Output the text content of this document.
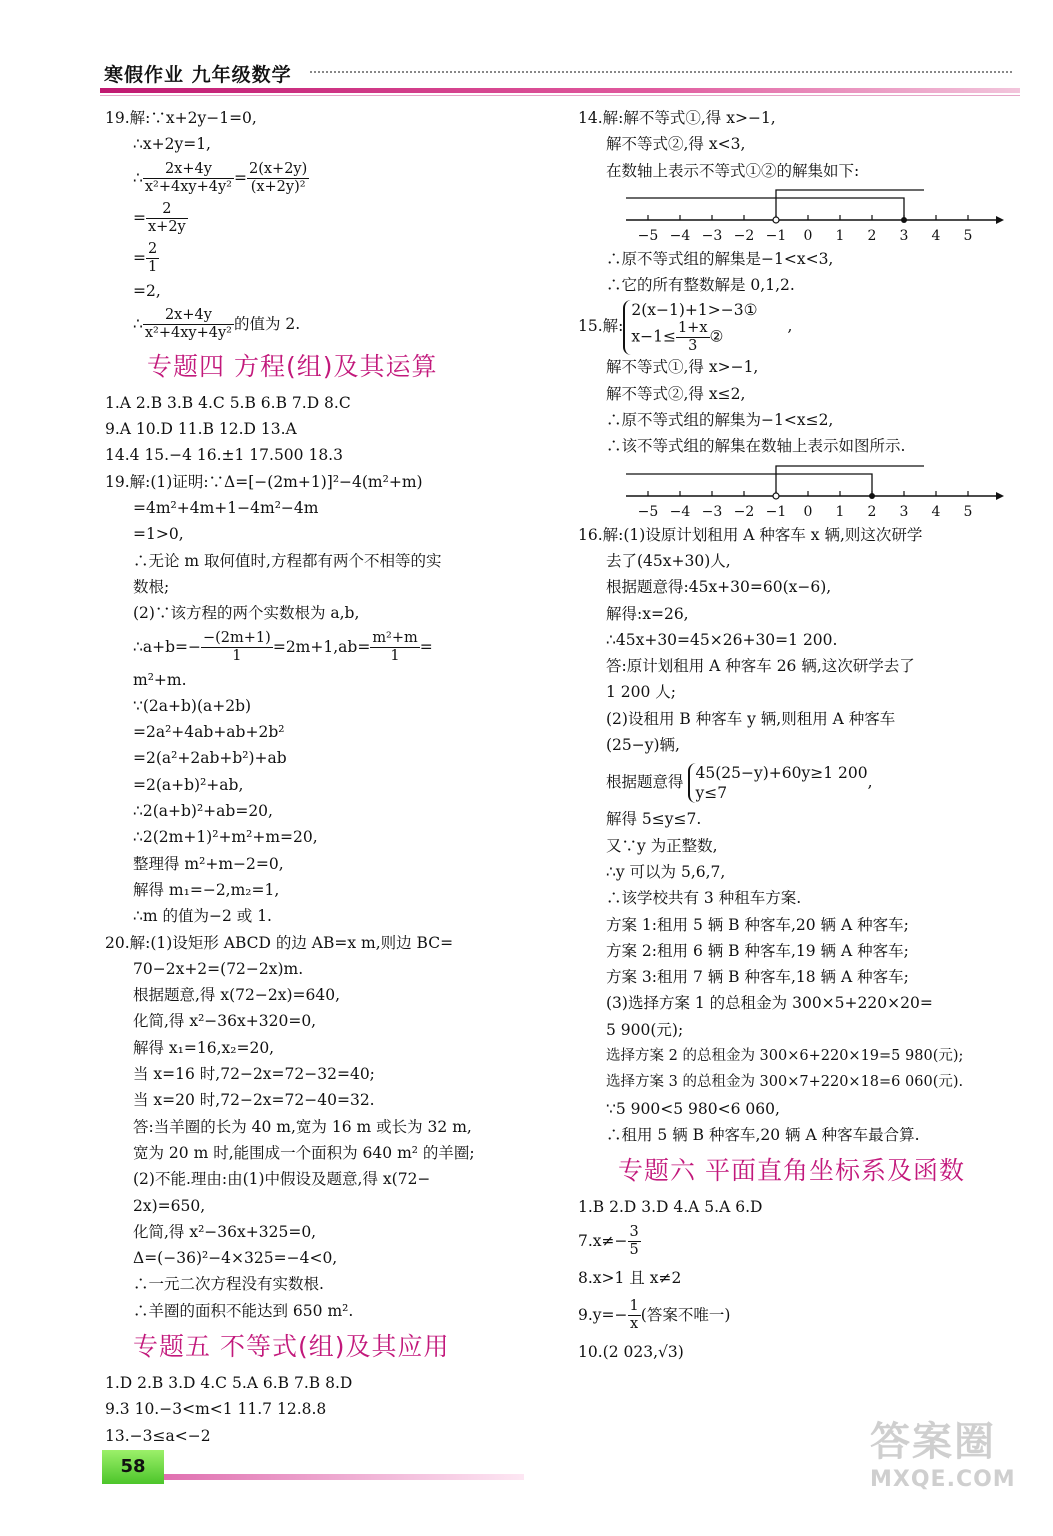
寒假作业 九年级数学
19.解:∵x+2y−1=0,
∴x+2y=1,
∴ $\frac{2x+4y}{\text{x²+4xy+4y²}} = \frac{2(x+2y)}{\text{(x+2y)²}}$
= $\frac{2}{x+2y}$
= $\frac{2}{1}$
=2,
∴ $\frac{2x+4y}{\text{x²+4xy+4y²}}$ 的值为 2.
专题四 方程(组)及其运算
1.A 2.B 3.B 4.C 5.B 6.B 7.D 8.C
9.A 10.D 11.B 12.D 13.A
14.4 15.−4 16.±1 17.500 18.3
19.解:(1)证明:∵Δ=[−(2m+1)]²−4(m²+m)
=4m²+4m+1−4m²−4m
=1>0,
∴无论 m 取何值时,方程都有两个不相等的实
数根;
(2)∵该方程的两个实数根为 a,b,
∴a+b=− $\frac{-(2m+1)}{1} =2m+1,ab= \frac{\text{m²+m}}{1}$ =
m²+m.
∵(2a+b)(a+2b)
=2a²+4ab+ab+2b²
=2(a²+2ab+b²)+ab
=2(a+b)²+ab,
∴2(a+b)²+ab=20,
∴2(2m+1)²+m²+m=20,
整理得 m²+m−2=0,
解得 m₁=−2,m₂=1,
∴m 的值为−2 或 1.
20.解:(1)设矩形 ABCD 的边 AB=x m,则边 BC=
70−2x+2=(72−2x)m.
根据题意,得 x(72−2x)=640,
化简,得 x²−36x+320=0,
解得 x₁=16,x₂=20,
当 x=16 时,72−2x=72−32=40;
当 x=20 时,72−2x=72−40=32.
答:当羊圈的长为 40 m,宽为 16 m 或长为 32 m,
宽为 20 m 时,能围成一个面积为 640 m² 的羊圈;
(2)不能.理由:由(1)中假设及题意,得 x(72−
2x)=650,
化简,得 x²−36x+325=0,
Δ=(−36)²−4×325=−4<0,
∴一元二次方程没有实数根.
∴羊圈的面积不能达到 650 m².
专题五 不等式(组)及其应用
1.D 2.B 3.D 4.C 5.A 6.B 7.B 8.D
9.3 10.−3<m<1 11.7 12.8.8
13.−3≤a<−2
14.解:解不等式①,得 x>−1,
解不等式②,得 x<3,
在数轴上表示不等式①②的解集如下:
−5 −4 −3 −2 −1 0 1 2 3 4 5
∴原不等式组的解集是−1<x<3,
∴它的所有整数解是 0,1,2.
15.解:
2(x−1)+1>−3①
$x-1\le \frac{1+x}{3}$ ②
,
解不等式①,得 x>−1,
解不等式②,得 x≤2,
∴原不等式组的解集为−1<x≤2,
∴该不等式组的解集在数轴上表示如图所示.
−5 −4 −3 −2 −1 0 1 2 3 4 5
16.解:(1)设原计划租用 A 种客车 x 辆,则这次研学
去了(45x+30)人,
根据题意得:45x+30=60(x−6),
解得:x=26,
∴45x+30=45×26+30=1 200.
答:原计划租用 A 种客车 26 辆,这次研学去了
1 200 人;
(2)设租用 B 种客车 y 辆,则租用 A 种客车
(25−y)辆,
根据题意得 45(25−y)+60y≥1 200
y≤7
,
解得 5≤y≤7.
又∵y 为正整数,
∴y 可以为 5,6,7,
∴该学校共有 3 种租车方案.
方案 1:租用 5 辆 B 种客车,20 辆 A 种客车;
方案 2:租用 6 辆 B 种客车,19 辆 A 种客车;
方案 3:租用 7 辆 B 种客车,18 辆 A 种客车;
(3)选择方案 1 的总租金为 300×5+220×20=
5 900(元);
选择方案 2 的总租金为 300×6+220×19=5 980(元);
选择方案 3 的总租金为 300×7+220×18=6 060(元).
∵5 900<5 980<6 060,
∴租用 5 辆 B 种客车,20 辆 A 种客车最合算.
专题六 平面直角坐标系及函数
1.B 2.D 3.D 4.A 5.A 6.D
$7.x\ne- \frac{3}{5}$
8.x>1 且 x≠2
$9.y=- \frac{1}{x}$ (答案不唯一)
10.(2 023,√3)
58
答案圈
MXQE.COM
